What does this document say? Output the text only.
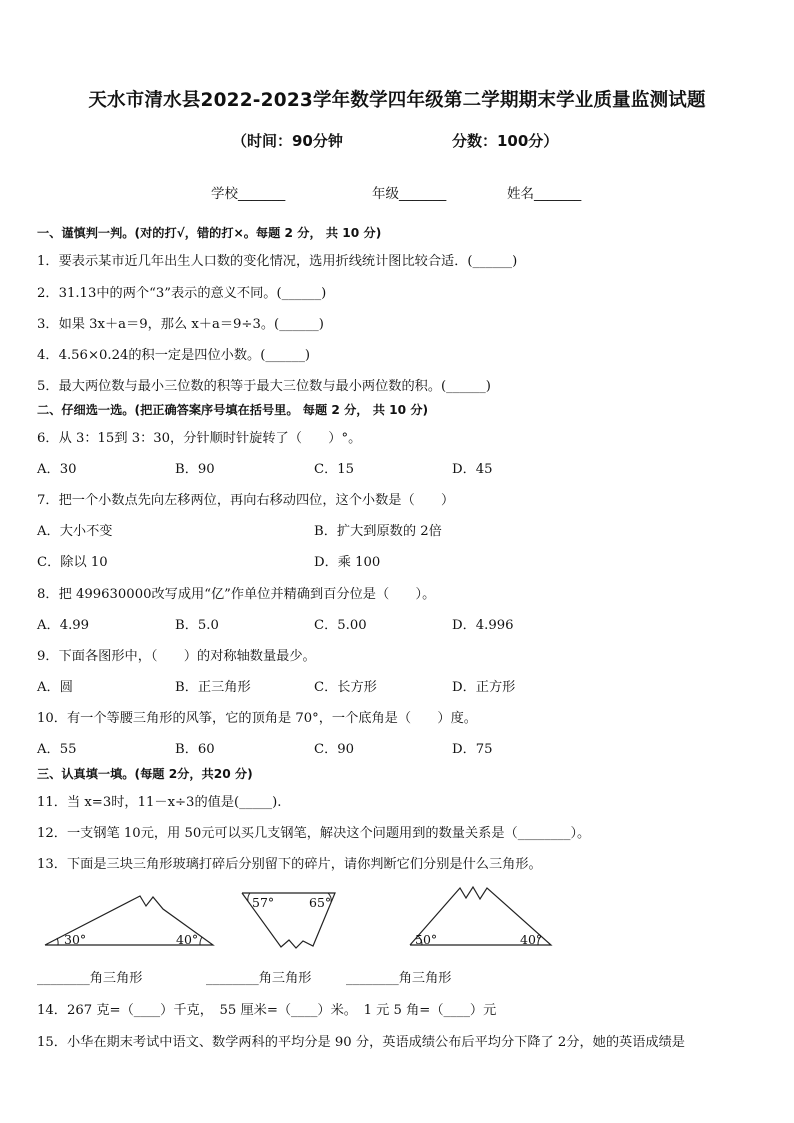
天水市清水县2022-2023学年数学四年级第二学期期末学业质量监测试题
（时间：90分钟	分数：100分）
学校_______	年级_______	姓名_______
一、谨慎判一判。(对的打√，错的打×。每题 2 分， 共 10 分)
1．要表示某市近几年出生人口数的变化情况，选用折线统计图比较合适．(______)
2．31.13中的两个“3”表示的意义不同。(______)
3．如果 3x＋a＝9，那么 x＋a＝9÷3。(______)
4．4.56×0.24的积一定是四位小数。(______)
5．最大两位数与最小三位数的积等于最大三位数与最小两位数的积。(______)
二、仔细选一选。(把正确答案序号填在括号里。 每题 2 分， 共 10 分)
6．从 3：15到 3：30，分针顺时针旋转了（　　）°。
A．30	B．90	C．15	D．45
7．把一个小数点先向左移两位，再向右移动四位，这个小数是（　　）
A．大小不变	B．扩大到原数的 2倍
C．除以 10	D．乘 100
8．把 499630000改写成用“亿”作单位并精确到百分位是（　　）。
A．4.99	B．5.0	C．5.00	D．4.996
9．下面各图形中，（　　）的对称轴数量最少。
A．圆	B．正三角形	C．长方形	D．正方形
10．有一个等腰三角形的风筝，它的顶角是 70°，一个底角是（　　）度。
A．55	B．60	C．90	D．75
三、认真填一填。(每题 2分，共20 分)
11．当 x=3时，11－x÷3的值是(_____).
12．一支钢笔 10元，用 50元可以买几支钢笔，解决这个问题用到的数量关系是（________）。
13．下面是三块三角形玻璃打碎后分别留下的碎片，请你判断它们分别是什么三角形。
30°	40°
57°	65°
50°	40°
________角三角形	________角三角形	________角三角形
14．267 克=（____）千克，　55 厘米=（____）米。　1 元 5 角=（____）元
15．小华在期末考试中语文、数学两科的平均分是 90 分，英语成绩公布后平均分下降了 2分，她的英语成绩是
